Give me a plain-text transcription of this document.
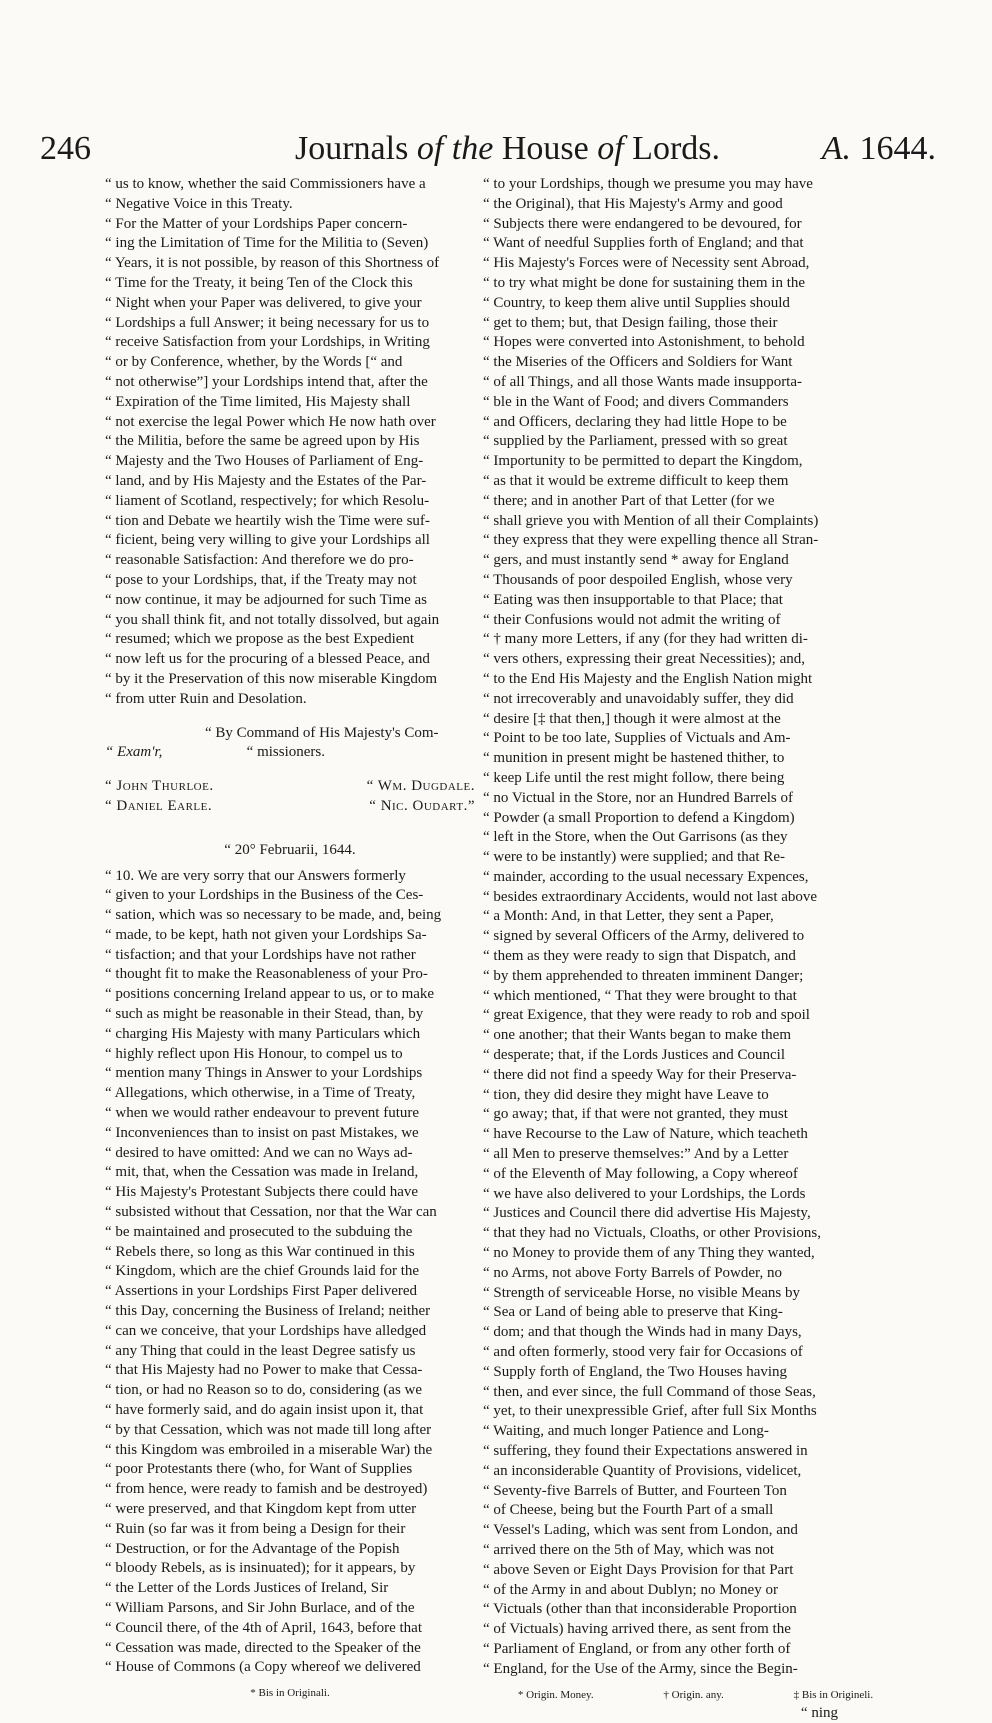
246	Journals of the House of Lords.	A. 1644.
“ us to know, whether the said Commissioners have a
“ Negative Voice in this Treaty.
“ For the Matter of your Lordships Paper concern-
“ ing the Limitation of Time for the Militia to (Seven)
“ Years, it is not possible, by reason of this Shortness of
“ Time for the Treaty, it being Ten of the Clock this
“ Night when your Paper was delivered, to give your
“ Lordships a full Answer; it being necessary for us to
“ receive Satisfaction from your Lordships, in Writing
“ or by Conference, whether, by the Words [“ and
“ not otherwise”] your Lordships intend that, after the
“ Expiration of the Time limited, His Majesty shall
“ not exercise the legal Power which He now hath over
“ the Militia, before the same be agreed upon by His
“ Majesty and the Two Houses of Parliament of Eng-
“ land, and by His Majesty and the Estates of the Par-
“ liament of Scotland, respectively; for which Resolu-
“ tion and Debate we heartily wish the Time were suf-
“ ficient, being very willing to give your Lordships all
“ reasonable Satisfaction: And therefore we do pro-
“ pose to your Lordships, that, if the Treaty may not
“ now continue, it may be adjourned for such Time as
“ you shall think fit, and not totally dissolved, but again
“ resumed; which we propose as the best Expedient
“ now left us for the procuring of a blessed Peace, and
“ by it the Preservation of this now miserable Kingdom
“ from utter Ruin and Desolation.
“ By Command of His Majesty's Com-
“ Exam'r,	“ missioners.
“ John Thurloe.	“ Wm. Dugdale.
“ Daniel Earle.	“ Nic. Oudart.”
“ 20° Februarii, 1644.
“ 10. We are very sorry that our Answers formerly
“ given to your Lordships in the Business of the Ces-
“ sation, which was so necessary to be made, and, being
“ made, to be kept, hath not given your Lordships Sa-
“ tisfaction; and that your Lordships have not rather
“ thought fit to make the Reasonableness of your Pro-
“ positions concerning Ireland appear to us, or to make
“ such as might be reasonable in their Stead, than, by
“ charging His Majesty with many Particulars which
“ highly reflect upon His Honour, to compel us to
“ mention many Things in Answer to your Lordships
“ Allegations, which otherwise, in a Time of Treaty,
“ when we would rather endeavour to prevent future
“ Inconveniences than to insist on past Mistakes, we
“ desired to have omitted: And we can no Ways ad-
“ mit, that, when the Cessation was made in Ireland,
“ His Majesty's Protestant Subjects there could have
“ subsisted without that Cessation, nor that the War can
“ be maintained and prosecuted to the subduing the
“ Rebels there, so long as this War continued in this
“ Kingdom, which are the chief Grounds laid for the
“ Assertions in your Lordships First Paper delivered
“ this Day, concerning the Business of Ireland; neither
“ can we conceive, that your Lordships have alledged
“ any Thing that could in the least Degree satisfy us
“ that His Majesty had no Power to make that Cessa-
“ tion, or had no Reason so to do, considering (as we
“ have formerly said, and do again insist upon it, that
“ by that Cessation, which was not made till long after
“ this Kingdom was embroiled in a miserable War) the
“ poor Protestants there (who, for Want of Supplies
“ from hence, were ready to famish and be destroyed)
“ were preserved, and that Kingdom kept from utter
“ Ruin (so far was it from being a Design for their
“ Destruction, or for the Advantage of the Popish
“ bloody Rebels, as is insinuated); for it appears, by
“ the Letter of the Lords Justices of Ireland, Sir
“ William Parsons, and Sir John Burlace, and of the
“ Council there, of the 4th of April, 1643, before that
“ Cessation was made, directed to the Speaker of the
“ House of Commons (a Copy whereof we delivered
* Bis in Originali.
“ to your Lordships, though we presume you may have
“ the Original), that His Majesty's Army and good
“ Subjects there were endangered to be devoured, for
“ Want of needful Supplies forth of England; and that
“ His Majesty's Forces were of Necessity sent Abroad,
“ to try what might be done for sustaining them in the
“ Country, to keep them alive until Supplies should
“ get to them; but, that Design failing, those their
“ Hopes were converted into Astonishment, to behold
“ the Miseries of the Officers and Soldiers for Want
“ of all Things, and all those Wants made insupporta-
“ ble in the Want of Food; and divers Commanders
“ and Officers, declaring they had little Hope to be
“ supplied by the Parliament, pressed with so great
“ Importunity to be permitted to depart the Kingdom,
“ as that it would be extreme difficult to keep them
“ there; and in another Part of that Letter (for we
“ shall grieve you with Mention of all their Complaints)
“ they express that they were expelling thence all Stran-
“ gers, and must instantly send * away for England
“ Thousands of poor despoiled English, whose very
“ Eating was then insupportable to that Place; that
“ their Confusions would not admit the writing of
“ † many more Letters, if any (for they had written di-
“ vers others, expressing their great Necessities); and,
“ to the End His Majesty and the English Nation might
“ not irrecoverably and unavoidably suffer, they did
“ desire [‡ that then,] though it were almost at the
“ Point to be too late, Supplies of Victuals and Am-
“ munition in present might be hastened thither, to
“ keep Life until the rest might follow, there being
“ no Victual in the Store, nor an Hundred Barrels of
“ Powder (a small Proportion to defend a Kingdom)
“ left in the Store, when the Out Garrisons (as they
“ were to be instantly) were supplied; and that Re-
“ mainder, according to the usual necessary Expences,
“ besides extraordinary Accidents, would not last above
“ a Month: And, in that Letter, they sent a Paper,
“ signed by several Officers of the Army, delivered to
“ them as they were ready to sign that Dispatch, and
“ by them apprehended to threaten imminent Danger;
“ which mentioned, “ That they were brought to that
“ great Exigence, that they were ready to rob and spoil
“ one another; that their Wants began to make them
“ desperate; that, if the Lords Justices and Council
“ there did not find a speedy Way for their Preserva-
“ tion, they did desire they might have Leave to
“ go away; that, if that were not granted, they must
“ have Recourse to the Law of Nature, which teacheth
“ all Men to preserve themselves:” And by a Letter
“ of the Eleventh of May following, a Copy whereof
“ we have also delivered to your Lordships, the Lords
“ Justices and Council there did advertise His Majesty,
“ that they had no Victuals, Cloaths, or other Provisions,
“ no Money to provide them of any Thing they wanted,
“ no Arms, not above Forty Barrels of Powder, no
“ Strength of serviceable Horse, no visible Means by
“ Sea or Land of being able to preserve that King-
“ dom; and that though the Winds had in many Days,
“ and often formerly, stood very fair for Occasions of
“ Supply forth of England, the Two Houses having
“ then, and ever since, the full Command of those Seas,
“ yet, to their unexpressible Grief, after full Six Months
“ Waiting, and much longer Patience and Long-
“ suffering, they found their Expectations answered in
“ an inconsiderable Quantity of Provisions, videlicet,
“ Seventy-five Barrels of Butter, and Fourteen Ton
“ of Cheese, being but the Fourth Part of a small
“ Vessel's Lading, which was sent from London, and
“ arrived there on the 5th of May, which was not
“ above Seven or Eight Days Provision for that Part
“ of the Army in and about Dublyn; no Money or
“ Victuals (other than that inconsiderable Proportion
“ of Victuals) having arrived there, as sent from the
“ Parliament of England, or from any other forth of
“ England, for the Use of the Army, since the Begin-
* Origin. Money.	† Origin. any.	‡ Bis in Origineli.
“ ning
